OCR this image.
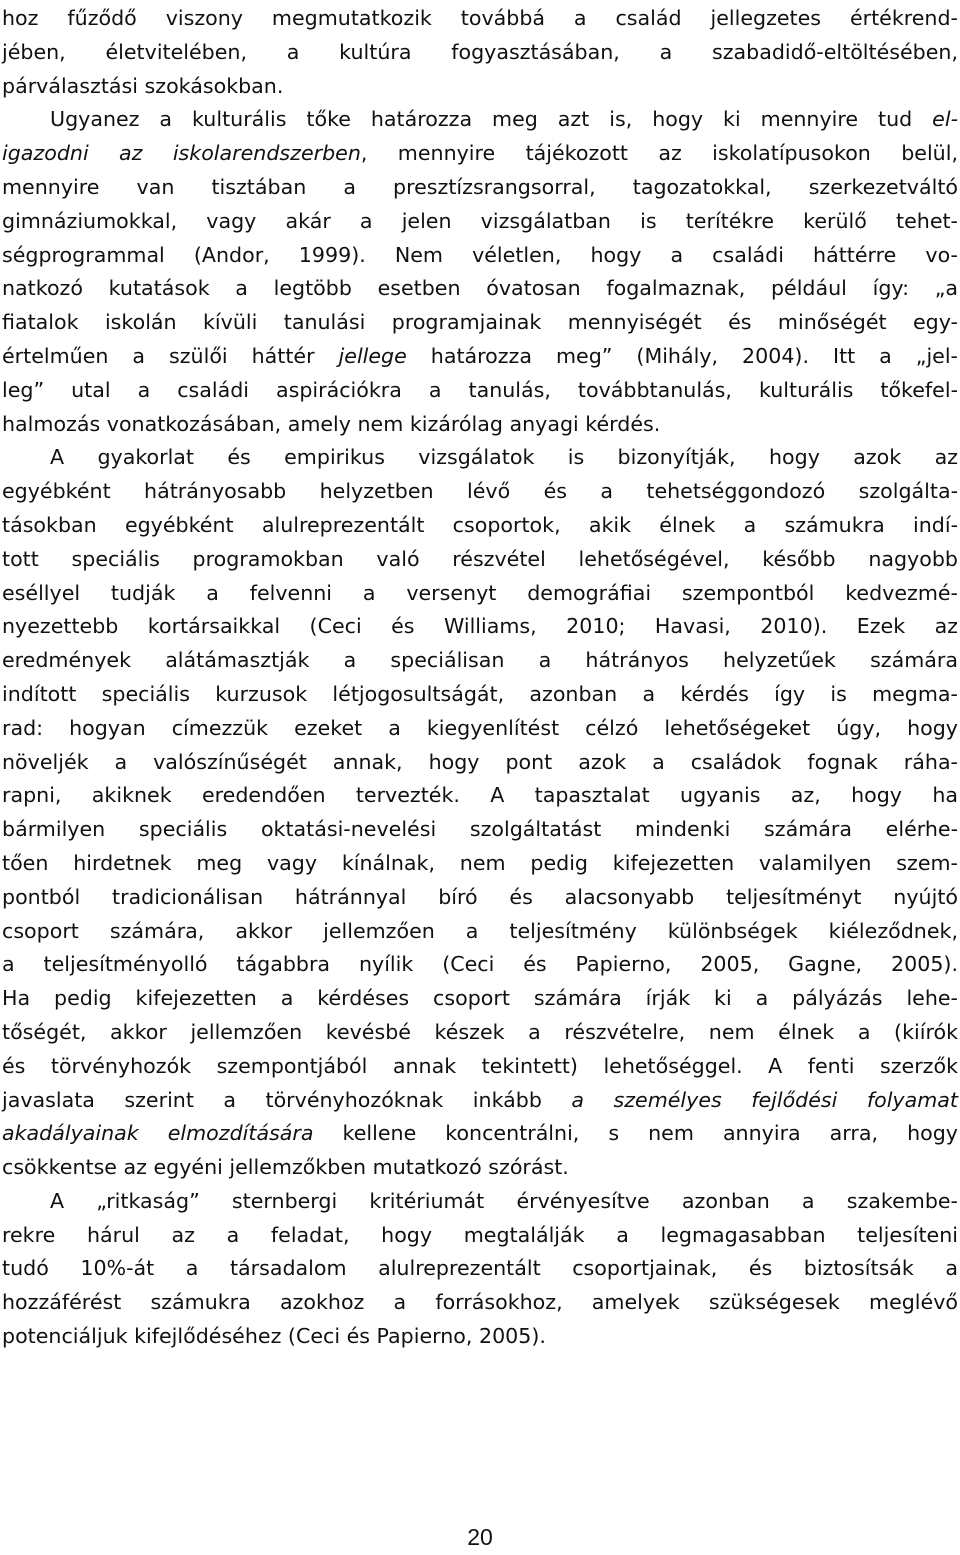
hoz fűződő viszony megmutatkozik továbbá a család jellegzetes értékrend-
jében, életvitelében, a kultúra fogyasztásában, a szabadidő-eltöltésében,
párválasztási szokásokban.
Ugyanez a kulturális tőke határozza meg azt is, hogy ki mennyire tud el-
igazodni az iskolarendszerben, mennyire tájékozott az iskolatípusokon belül,
mennyire van tisztában a presztízsrangsorral, tagozatokkal, szerkezetváltó
gimnáziumokkal, vagy akár a jelen vizsgálatban is terítékre kerülő tehet-
ségprogrammal (Andor, 1999). Nem véletlen, hogy a családi háttérre vo-
natkozó kutatások a legtöbb esetben óvatosan fogalmaznak, például így: „a
fiatalok iskolán kívüli tanulási programjainak mennyiségét és minőségét egy-
értelműen a szülői háttér jellege határozza meg” (Mihály, 2004). Itt a „jel-
leg” utal a családi aspirációkra a tanulás, továbbtanulás, kulturális tőkefel-
halmozás vonatkozásában, amely nem kizárólag anyagi kérdés.
A gyakorlat és empirikus vizsgálatok is bizonyítják, hogy azok az
egyébként hátrányosabb helyzetben lévő és a tehetséggondozó szolgálta-
tásokban egyébként alulreprezentált csoportok, akik élnek a számukra indí-
tott speciális programokban való részvétel lehetőségével, később nagyobb
eséllyel tudják a felvenni a versenyt demográfiai szempontból kedvezmé-
nyezettebb kortársaikkal (Ceci és Williams, 2010; Havasi, 2010). Ezek az
eredmények alátámasztják a speciálisan a hátrányos helyzetűek számára
indított speciális kurzusok létjogosultságát, azonban a kérdés így is megma-
rad: hogyan címezzük ezeket a kiegyenlítést célzó lehetőségeket úgy, hogy
növeljék a valószínűségét annak, hogy pont azok a családok fognak ráha-
rapni, akiknek eredendően tervezték. A tapasztalat ugyanis az, hogy ha
bármilyen speciális oktatási-nevelési szolgáltatást mindenki számára elérhe-
tően hirdetnek meg vagy kínálnak, nem pedig kifejezetten valamilyen szem-
pontból tradicionálisan hátránnyal bíró és alacsonyabb teljesítményt nyújtó
csoport számára, akkor jellemzően a teljesítmény különbségek kiéleződnek,
a teljesítményolló tágabbra nyílik (Ceci és Papierno, 2005, Gagne, 2005).
Ha pedig kifejezetten a kérdéses csoport számára írják ki a pályázás lehe-
tőségét, akkor jellemzően kevésbé készek a részvételre, nem élnek a (kiírók
és törvényhozók szempontjából annak tekintett) lehetőséggel. A fenti szerzők
javaslata szerint a törvényhozóknak inkább a személyes fejlődési folyamat
akadályainak elmozdítására kellene koncentrálni, s nem annyira arra, hogy
csökkentse az egyéni jellemzőkben mutatkozó szórást.
A „ritkaság” sternbergi kritériumát érvényesítve azonban a szakembe-
rekre hárul az a feladat, hogy megtalálják a legmagasabban teljesíteni
tudó 10%-át a társadalom alulreprezentált csoportjainak, és biztosítsák a
hozzáférést számukra azokhoz a forrásokhoz, amelyek szükségesek meglévő
potenciáljuk kifejlődéséhez (Ceci és Papierno, 2005).
20
